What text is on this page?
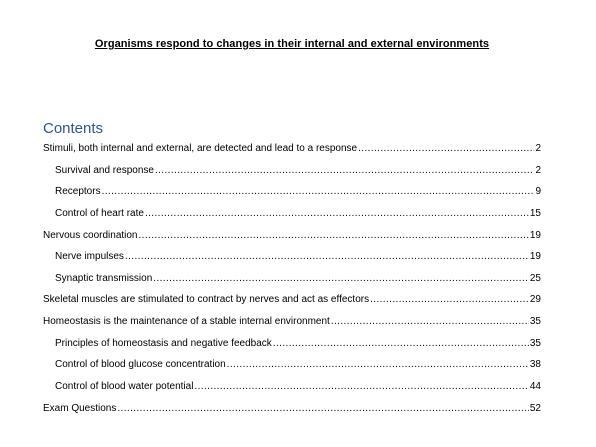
Organisms respond to changes in their internal and external environments
Contents
Stimuli, both internal and external, are detected and lead to a response .....	2
Survival and response .....	2
Receptors .....	9
Control of heart rate .....	15
Nervous coordination .....	19
Nerve impulses .....	19
Synaptic transmission .....	25
Skeletal muscles are stimulated to contract by nerves and act as effectors .....	29
Homeostasis is the maintenance of a stable internal environment .....	35
Principles of homeostasis and negative feedback .....	35
Control of blood glucose concentration .....	38
Control of blood water potential .....	44
Exam Questions .....	52
